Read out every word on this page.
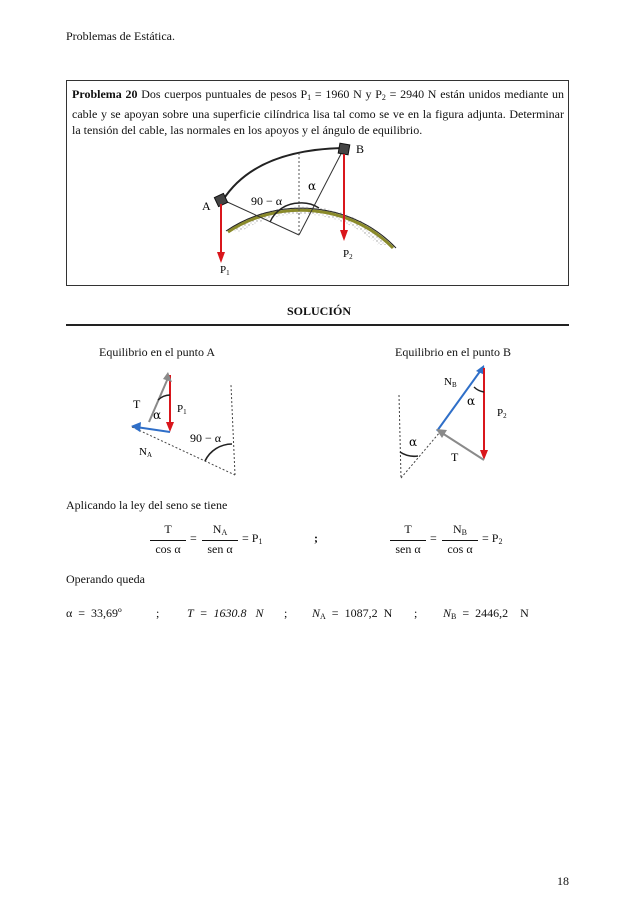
Problemas de Estática.
Problema 20 Dos cuerpos puntuales de pesos $P_1 = 1960$ N y $P_2 = 2940$ N están unidos mediante un cable y se apoyan sobre una superficie cilíndrica lisa tal como se ve en la figura adjunta. Determinar la tensión del cable, las normales en los apoyos y el ángulo de equilibrio.
A
B
90 − α
α
P1
P2
SOLUCIÓN
Equilibrio en el punto A	Equilibrio en el punto B
T
α P1
NA
90 − α
NB
α
P2
α
T
Aplicando la ley del seno se tiene
T
cos α
=
$N_A$
sen α
= $P_1$	;
T
sen α
=
$N_B$
cos α
= $P_2$
Operando queda
α  =  33,69º	; T  =  1630.8   N ; $N_A = 1087,2$  N ; $N_B = 2446,2$    N
18
